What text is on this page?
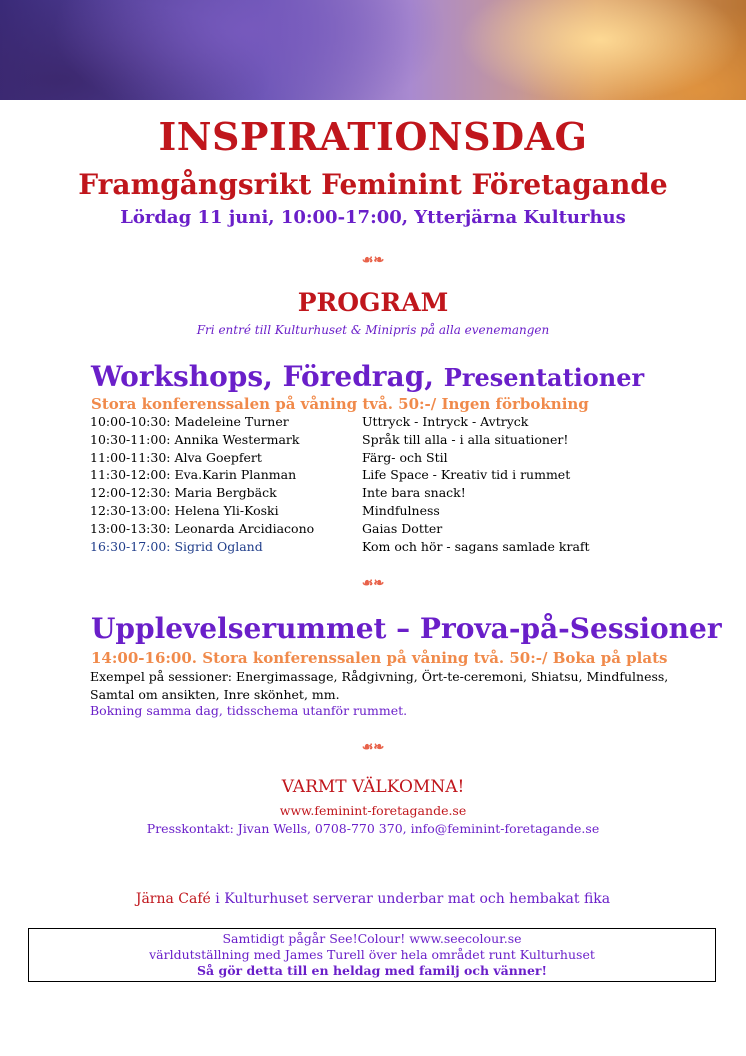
INSPIRATIONSDAG
Framgångsrikt Feminint Företagande
Lördag 11 juni, 10:00-17:00, Ytterjärna Kulturhus
☙❧
PROGRAM
Fri entré till Kulturhuset & Minipris på alla evenemangen
Workshops, Föredrag, Presentationer
Stora konferenssalen på våning två. 50:-/ Ingen förbokning
10:00-10:30: Madeleine Turner	Uttryck - Intryck - Avtryck
10:30-11:00: Annika Westermark	Språk till alla - i alla situationer!
11:00-11:30: Alva Goepfert	Färg- och Stil
11:30-12:00: Eva.Karin Planman	Life Space - Kreativ tid i rummet
12:00-12:30: Maria Bergbäck	Inte bara snack!
12:30-13:00: Helena Yli-Koski	Mindfulness
13:00-13:30: Leonarda Arcidiacono	Gaias Dotter
16:30-17:00: Sigrid Ogland	Kom och hör - sagans samlade kraft
☙❧
Upplevelserummet – Prova-på-Sessioner
14:00-16:00. Stora konferenssalen på våning två. 50:-/ Boka på plats
Exempel på sessioner: Energimassage, Rådgivning, Ört-te-ceremoni, Shiatsu, Mindfulness, Samtal om ansikten, Inre skönhet, mm.
Bokning samma dag, tidsschema utanför rummet.
☙❧
VARMT VÄLKOMNA!
www.feminint-foretagande.se
Presskontakt: Jivan Wells, 0708-770 370, info@feminint-foretagande.se
Järna Café i Kulturhuset serverar underbar mat och hembakat fika
Samtidigt pågår See!Colour! www.seecolour.se
världutställning med James Turell över hela området runt Kulturhuset
Så gör detta till en heldag med familj och vänner!
